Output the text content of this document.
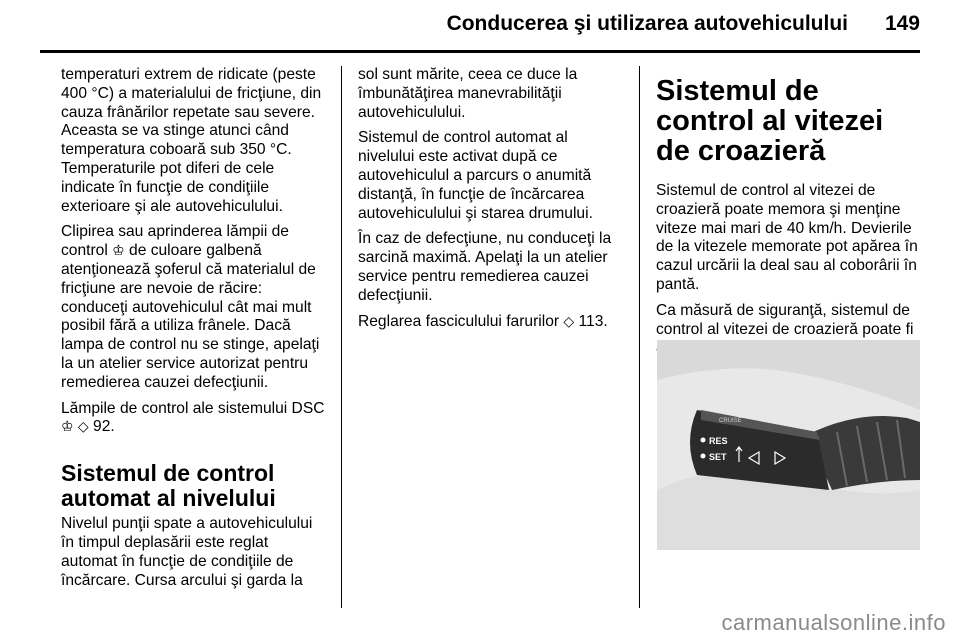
Conducerea şi utilizarea autovehiculului 149

temperaturi extrem de ridicate (peste 400 °C) a materialului de fricţiune, din cauza frânărilor repetate sau severe. Aceasta se va stinge atunci când temperatura coboară sub 350 °C. Temperaturile pot diferi de cele indicate în funcţie de condiţiile exterioare şi ale autovehiculului.

Clipirea sau aprinderea lămpii de control ♔ de culoare galbenă atenţionează şoferul că materialul de fricţiune are nevoie de răcire: conduceţi autovehiculul cât mai mult posibil fără a utiliza frânele. Dacă lampa de control nu se stinge, apelaţi la un atelier service autorizat pentru remedierea cauzei defecţiunii.

Lămpile de control ale sistemului DSC ♔ ◇ 92.

Sistemul de control automat al nivelului

Nivelul punţii spate a autovehiculului în timpul deplasării este reglat automat în funcţie de condiţiile de încărcare. Cursa arcului şi garda la

sol sunt mărite, ceea ce duce la îmbunătăţirea manevrabilităţii autovehiculului.

Sistemul de control automat al nivelului este activat după ce autovehiculul a parcurs o anumită distanţă, în funcţie de încărcarea autovehiculului şi starea drumului.

În caz de defecţiune, nu conduceţi la sarcină maximă. Apelaţi la un atelier service pentru remedierea cauzei defecţiunii.

Reglarea fasciculului farurilor ◇ 113.

Sistemul de control al vitezei de croazieră

Sistemul de control al vitezei de croazieră poate memora şi menţine viteze mai mari de 40 km/h. Devierile de la vitezele memorate pot apărea în cazul urcării la deal sau al coborârii în pantă.

Ca măsură de siguranţă, sistemul de control al vitezei de croazieră poate fi

RES
SET
CRUISE
carmanualsonline.info
